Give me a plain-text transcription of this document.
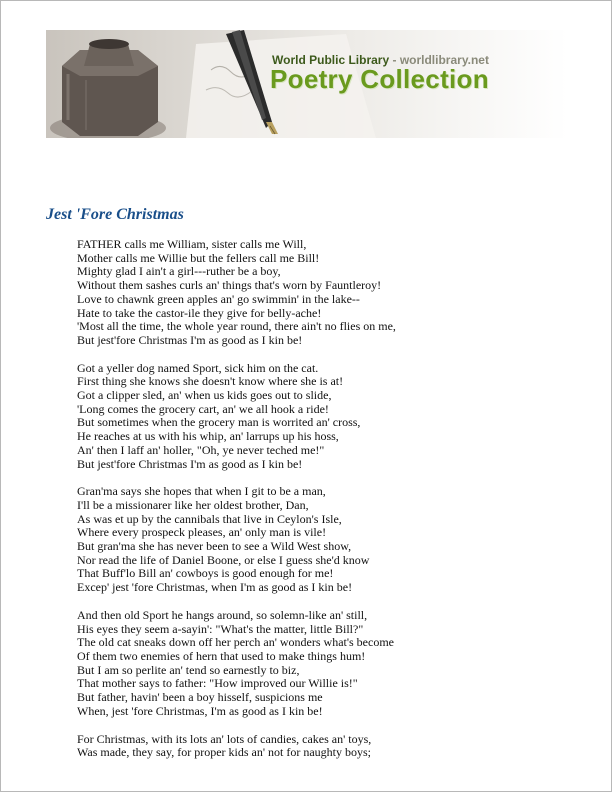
World Public Library - worldlibrary.net
Poetry Collection
Jest 'Fore Christmas
FATHER calls me William, sister calls me Will,
Mother calls me Willie but the fellers call me Bill!
Mighty glad I ain't a girl---ruther be a boy,
Without them sashes curls an' things that's worn by Fauntleroy!
Love to chawnk green apples an' go swimmin' in the lake--
Hate to take the castor-ile they give for belly-ache!
'Most all the time, the whole year round, there ain't no flies on me,
But jest'fore Christmas I'm as good as I kin be!
Got a yeller dog named Sport, sick him on the cat.
First thing she knows she doesn't know where she is at!
Got a clipper sled, an' when us kids goes out to slide,
'Long comes the grocery cart, an' we all hook a ride!
But sometimes when the grocery man is worrited an' cross,
He reaches at us with his whip, an' larrups up his hoss,
An' then I laff an' holler, "Oh, ye never teched me!"
But jest'fore Christmas I'm as good as I kin be!
Gran'ma says she hopes that when I git to be a man,
I'll be a missionarer like her oldest brother, Dan,
As was et up by the cannibals that live in Ceylon's Isle,
Where every prospeck pleases, an' only man is vile!
But gran'ma she has never been to see a Wild West show,
Nor read the life of Daniel Boone, or else I guess she'd know
That Buff'lo Bill an' cowboys is good enough for me!
Excep' jest 'fore Christmas, when I'm as good as I kin be!
And then old Sport he hangs around, so solemn-like an' still,
His eyes they seem a-sayin': "What's the matter, little Bill?"
The old cat sneaks down off her perch an' wonders what's become
Of them two enemies of hern that used to make things hum!
But I am so perlite an' tend so earnestly to biz,
That mother says to father: "How improved our Willie is!"
But father, havin' been a boy hisself, suspicions me
When, jest 'fore Christmas, I'm as good as I kin be!
For Christmas, with its lots an' lots of candies, cakes an' toys,
Was made, they say, for proper kids an' not for naughty boys;
